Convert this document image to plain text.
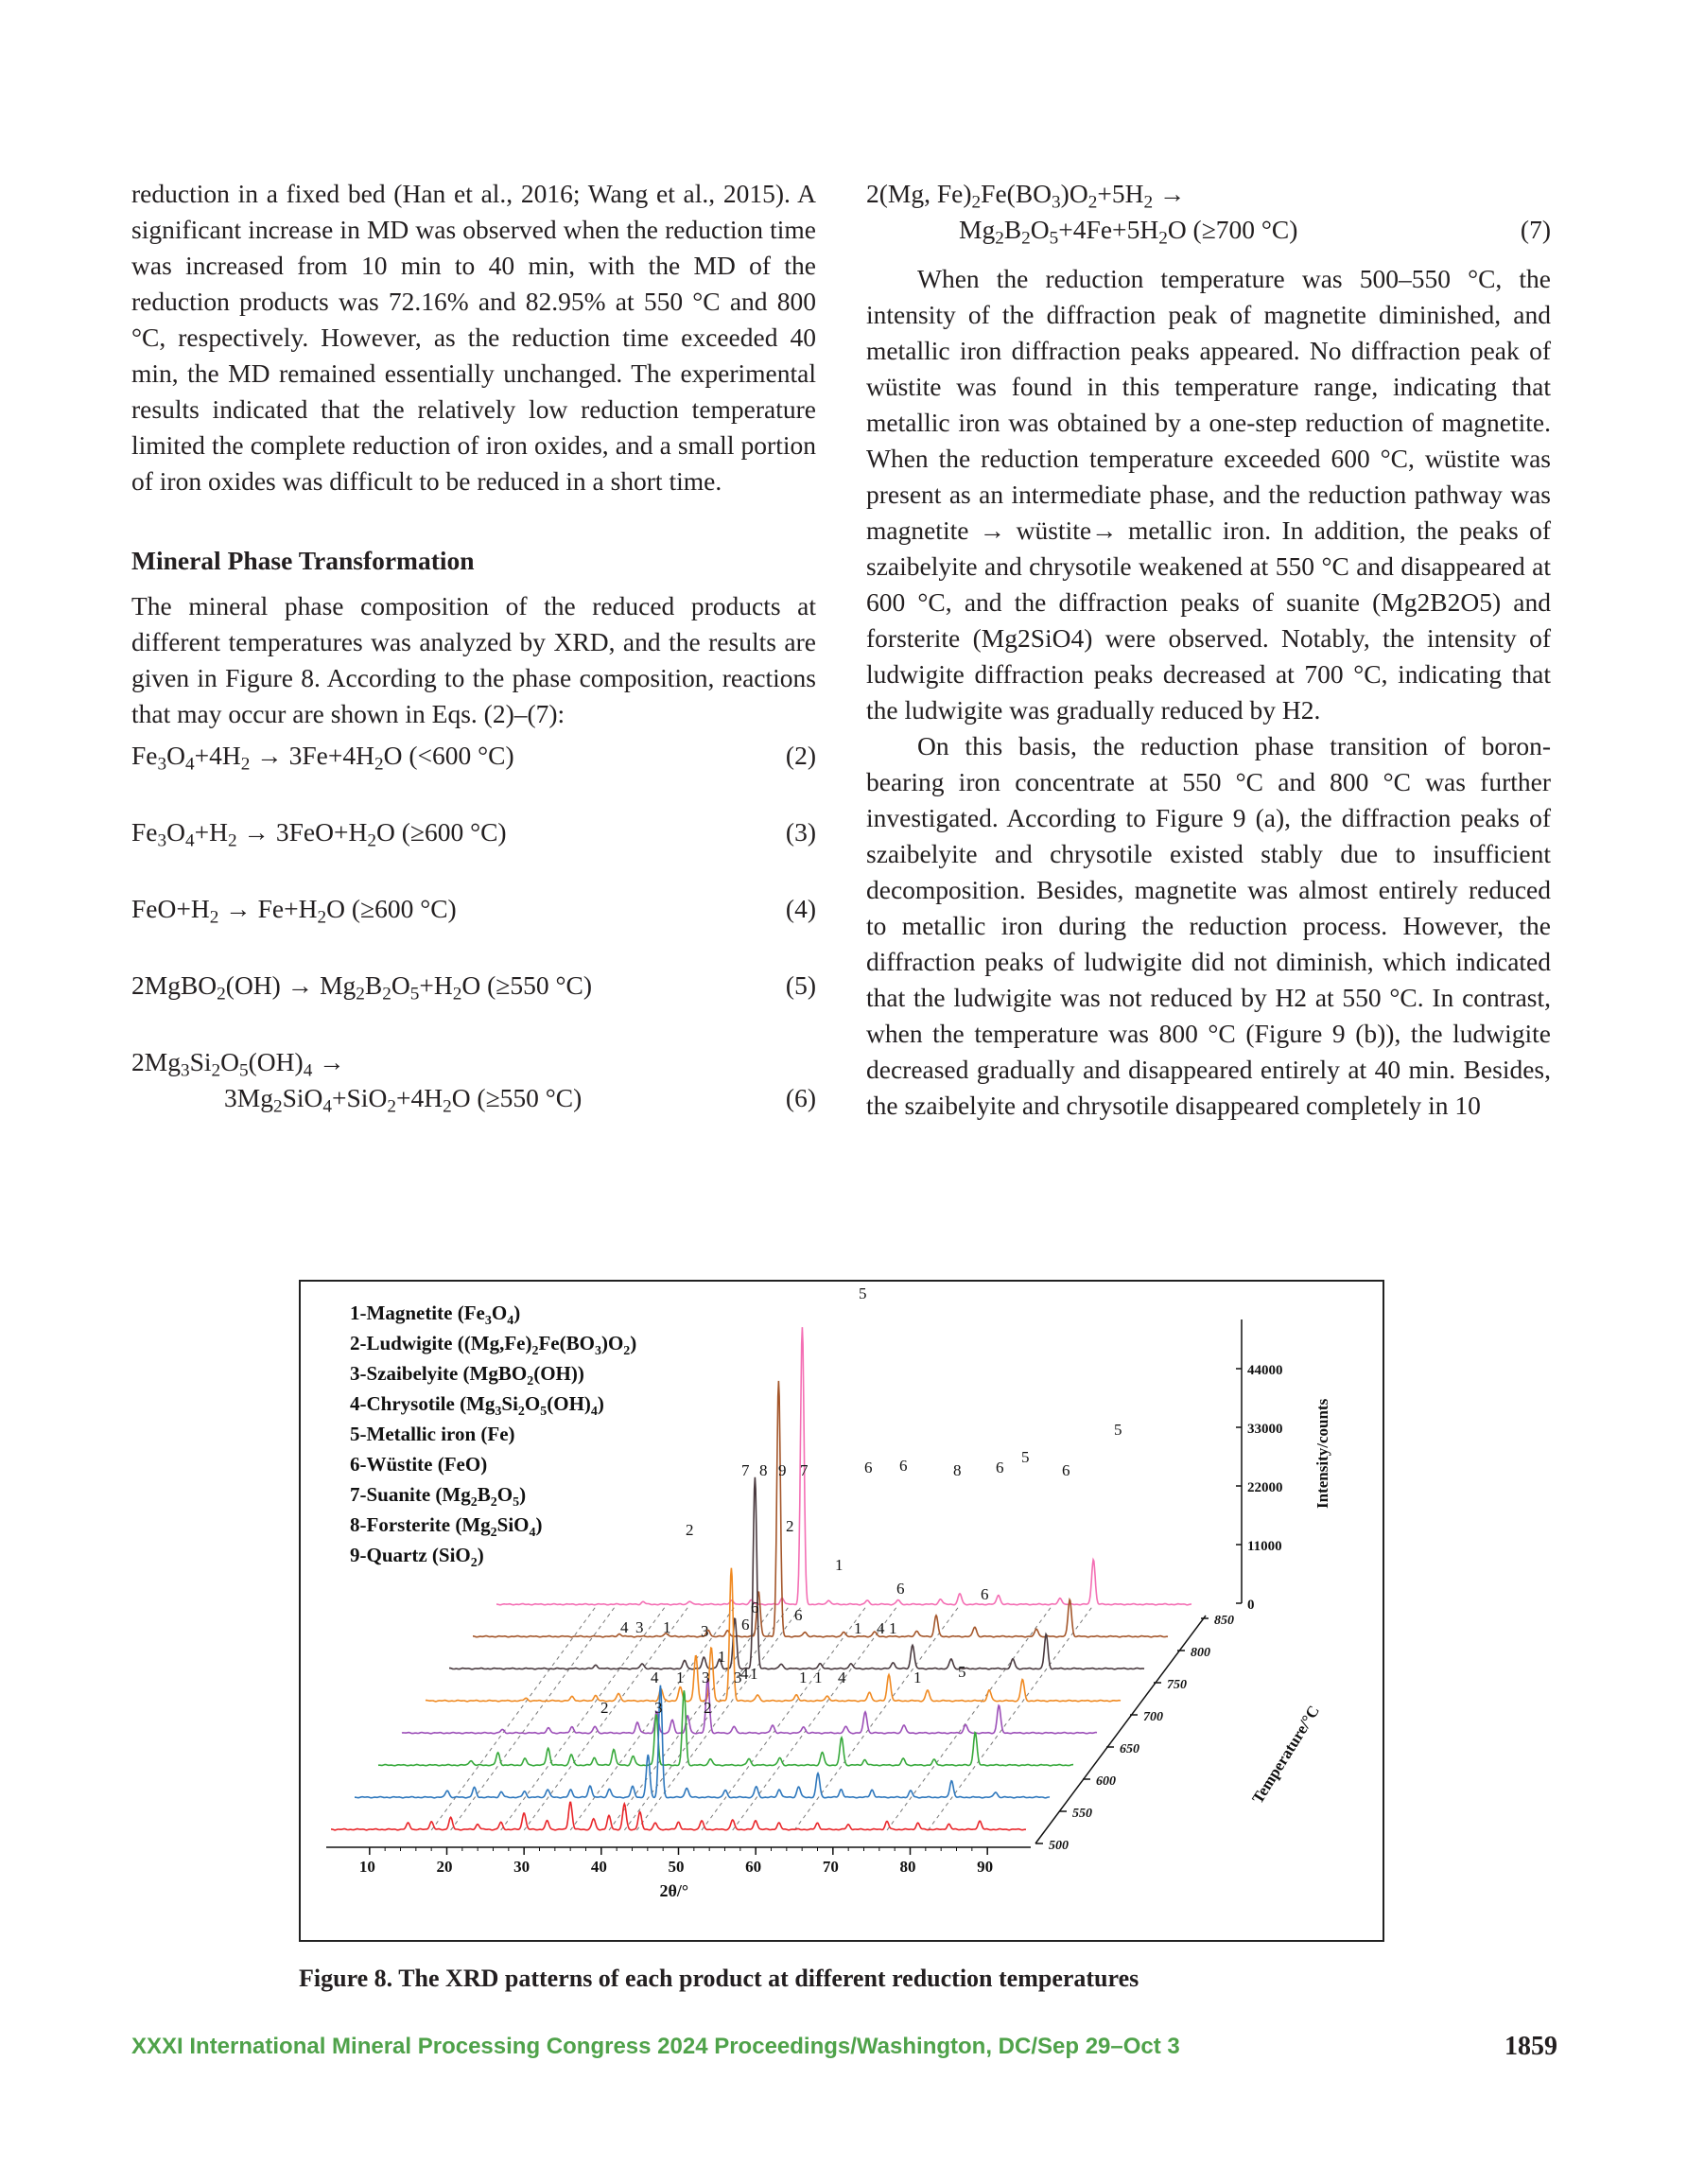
reduction in a fixed bed (Han et al., 2016; Wang et al., 2015). A significant increase in MD was observed when the reduction time was increased from 10 min to 40 min, with the MD of the reduction products was 72.16% and 82.95% at 550 °C and 800 °C, respectively. However, as the reduction time exceeded 40 min, the MD remained essentially unchanged. The experimental results indicated that the relatively low reduction temperature limited the complete reduction of iron oxides, and a small portion of iron oxides was difficult to be reduced in a short time.

Mineral Phase Transformation

The mineral phase composition of the reduced products at different temperatures was analyzed by XRD, and the results are given in Figure 8. According to the phase composition, reactions that may occur are shown in Eqs. (2)–(7):

$Fe_3O_4+4H_2 \to 3Fe+4H_2O$ (<600 °C)	(2)
$Fe_3O_4+H_2 \to 3FeO+H_2O$ (≥600 °C)	(3)
$FeO+H_2 \to Fe+H_2O$ (≥600 °C)	(4)
2MgBO$_2$(OH) → $Mg_2B_2O_5+H_2O$ (≥550 °C)	(5)
$2Mg_3Si_2O_5(OH)_4$ →
$3Mg_2SiO_4+SiO_2+4H_2O$ (≥550 °C)	(6)
2(Mg, $Fe)_2Fe(BO_3)O_2+5H_2$ →
$Mg_2B_2O_5+4Fe+5H_2O$ (≥700 °C)	(7)

When the reduction temperature was 500–550 °C, the intensity of the diffraction peak of magnetite diminished, and metallic iron diffraction peaks appeared. No diffraction peak of wüstite was found in this temperature range, indicating that metallic iron was obtained by a one-step reduction of magnetite. When the reduction temperature exceeded 600 °C, wüstite was present as an intermediate phase, and the reduction pathway was magnetite → wüstite→ metallic iron. In addition, the peaks of szaibelyite and chrysotile weakened at 550 °C and disappeared at 600 °C, and the diffraction peaks of suanite (Mg2B2O5) and forsterite (Mg2SiO4) were observed. Notably, the intensity of ludwigite diffraction peaks decreased at 700 °C, indicating that the ludwigite was gradually reduced by H2.

On this basis, the reduction phase transition of boron-bearing iron concentrate at 550 °C and 800 °C was further investigated. According to Figure 9 (a), the diffraction peaks of szaibelyite and chrysotile existed stably due to insufficient decomposition. Besides, magnetite was almost entirely reduced to metallic iron during the reduction process. However, the diffraction peaks of ludwigite did not diminish, which indicated that the ludwigite was not reduced by H2 at 550 °C. In contrast, when the temperature was 800 °C (Figure 9 (b)), the ludwigite decreased gradually and disappeared entirely at 40 min. Besides, the szaibelyite and chrysotile disappeared completely in 10

10	20	30	40	50	60	70	80	90
2θ/°
500
550
600
650
700
750
800
850
Temperature/°C
0
11000
22000
33000
44000
Intensity/counts
1-Magnetite $(Fe_3O_4)$
2-Ludwigite $((Mg,Fe)_2Fe(BO_3)O_2)$
3-Szaibelyite (MgBO$_2$(OH))
4-Chrysotile $(Mg_3Si_2O_5(OH)_4)$
5-Metallic iron (Fe)
6-Wüstite (FeO)
7-Suanite $(Mg_2B_2O_5)$
8-Forsterite $(Mg_2SiO_4)$
9-Quartz (SiO$_2$)
5
7 8 9 7	6 6	8 6
5
6
5
2	2
1
6 6
6	6
4 3 1 3 6	1 4 1
1
4 1 3 3
4 1	1 1 4	1 5
2	3	2
Figure 8. The XRD patterns of each product at different reduction temperatures
XXXI International Mineral Processing Congress 2024 Proceedings/Washington, DC/Sep 29–Oct 3	1859
